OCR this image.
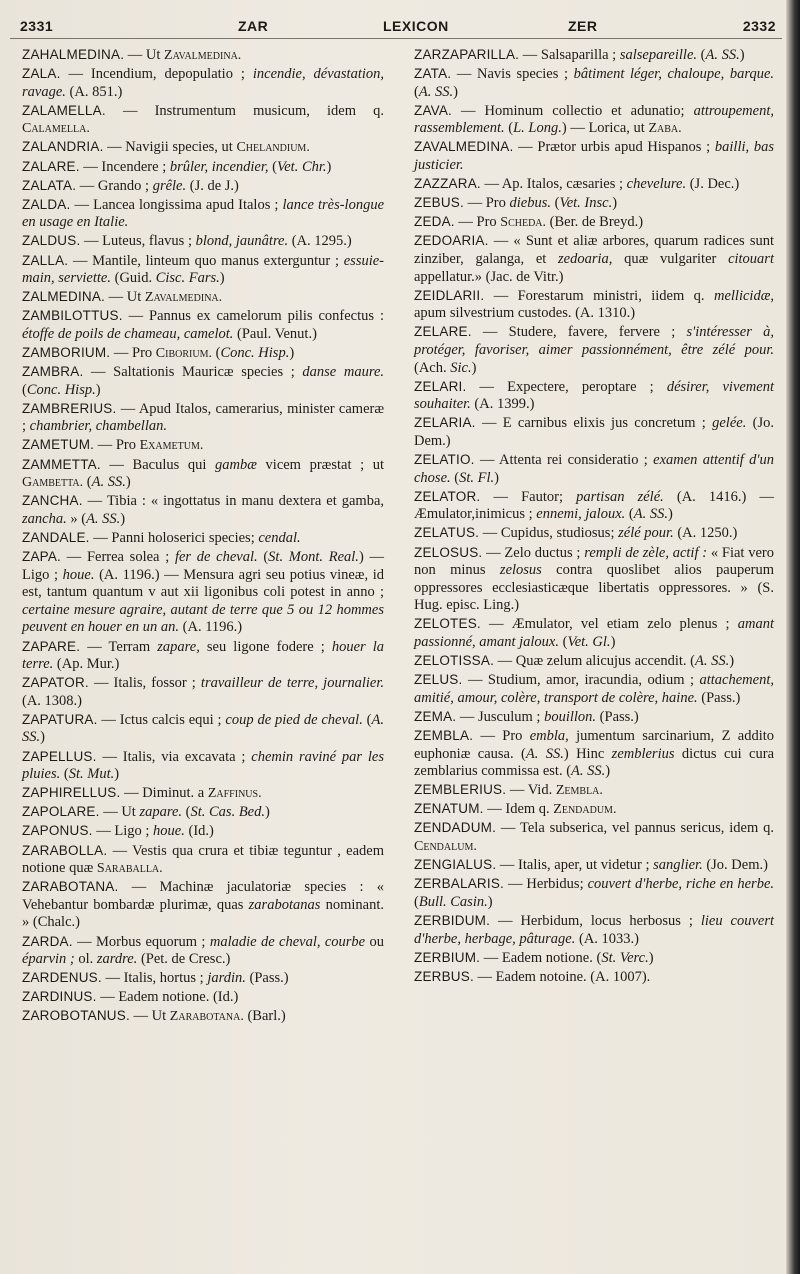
2331	ZAR	LEXICON	ZER	2332
ZAHALMEDINA. — Ut Zavalmedina.
ZALA. — Incendium, depopulatio ; incendie, dévastation, ravage. (A. 851.)
ZALAMELLA. — Instrumentum musicum, idem q. Calamella.
ZALANDRIA. — Navigii species, ut Chelandium.
ZALARE. — Incendere ; brûler, incendier, (Vet. Chr.)
ZALATA. — Grando ; grêle. (J. de J.)
ZALDA. — Lancea longissima apud Italos ; lance très-longue en usage en Italie.
ZALDUS. — Luteus, flavus ; blond, jaunâtre. (A. 1295.)
ZALLA. — Mantile, linteum quo manus exterguntur ; essuie-main, serviette. (Guid. Cisc. Fars.)
ZALMEDINA. — Ut Zavalmedina.
ZAMBILOTTUS. — Pannus ex camelorum pilis confectus : étoffe de poils de chameau, camelot. (Paul. Venut.)
ZAMBORIUM. — Pro Ciborium. (Conc. Hisp.)
ZAMBRA. — Saltationis Mauricæ species ; danse maure. (Conc. Hisp.)
ZAMBRERIUS. — Apud Italos, camerarius, minister cameræ ; chambrier, chambellan.
ZAMETUM. — Pro Exametum.
ZAMMETTA. — Baculus qui gambæ vicem præstat ; ut Gambetta. (A. SS.)
ZANCHA. — Tibia : « ingottatus in manu dextera et gamba, zancha. » (A. SS.)
ZANDALE. — Panni holoserici species; cendal.
ZAPA. — Ferrea solea ; fer de cheval. (St. Mont. Real.) — Ligo ; houe. (A. 1196.) — Mensura agri seu potius vineæ, id est, tantum quantum v aut xii ligonibus coli potest in anno ; certaine mesure agraire, autant de terre que 5 ou 12 hommes peuvent en houer en un an. (A. 1196.)
ZAPARE. — Terram zapare, seu ligone fodere ; houer la terre. (Ap. Mur.)
ZAPATOR. — Italis, fossor ; travailleur de terre, journalier. (A. 1308.)
ZAPATURA. — Ictus calcis equi ; coup de pied de cheval. (A. SS.)
ZAPELLUS. — Italis, via excavata ; chemin raviné par les pluies. (St. Mut.)
ZAPHIRELLUS. — Diminut. a Zaffinus.
ZAPOLARE. — Ut zapare. (St. Cas. Bed.)
ZAPONUS. — Ligo ; houe. (Id.)
ZARABOLLA. — Vestis qua crura et tibiæ teguntur , eadem notione quæ Saraballa.
ZARABOTANA. — Machinæ jaculatoriæ species : « Vehebantur bombardæ plurimæ, quas zarabotanas nominant. » (Chalc.)
ZARDA. — Morbus equorum ; maladie de cheval, courbe ou éparvin ; ol. zardre. (Pet. de Cresc.)
ZARDENUS. — Italis, hortus ; jardin. (Pass.)
ZARDINUS. — Eadem notione. (Id.)
ZAROBOTANUS. — Ut Zarabotana. (Barl.)
ZARZAPARILLA. — Salsaparilla ; salsepareille. (A. SS.)
ZATA. — Navis species ; bâtiment léger, chaloupe, barque. (A. SS.)
ZAVA. — Hominum collectio et adunatio; attroupement, rassemblement. (L. Long.) — Lorica, ut Zaba.
ZAVALMEDINA. — Prætor urbis apud Hispanos ; bailli, bas justicier.
ZAZZARA. — Ap. Italos, cæsaries ; chevelure. (J. Dec.)
ZEBUS. — Pro diebus. (Vet. Insc.)
ZEDA. — Pro Scheda. (Ber. de Breyd.)
ZEDOARIA. — « Sunt et aliæ arbores, quarum radices sunt zinziber, galanga, et zedoaria, quæ vulgariter citouart appellatur.» (Jac. de Vitr.)
ZEIDLARII. — Forestarum ministri, iidem q. mellicidæ, apum silvestrium custodes. (A. 1310.)
ZELARE. — Studere, favere, fervere ; s'intéresser à, protéger, favoriser, aimer passionnément, être zélé pour. (Ach. Sic.)
ZELARI. — Expectere, peroptare ; désirer, vivement souhaiter. (A. 1399.)
ZELARIA. — E carnibus elixis jus concretum ; gelée. (Jo. Dem.)
ZELATIO. — Attenta rei consideratio ; examen attentif d'un chose. (St. Fl.)
ZELATOR. — Fautor; partisan zélé. (A. 1416.) — Æmulator,inimicus ; ennemi, jaloux. (A. SS.)
ZELATUS. — Cupidus, studiosus; zélé pour. (A. 1250.)
ZELOSUS. — Zelo ductus ; rempli de zèle, actif : « Fiat vero non minus zelosus contra quoslibet alios pauperum oppressores ecclesiasticæque libertatis oppressores. » (S. Hug. episc. Ling.)
ZELOTES. — Æmulator, vel etiam zelo plenus ; amant passionné, amant jaloux. (Vet. Gl.)
ZELOTISSA. — Quæ zelum alicujus accendit. (A. SS.)
ZELUS. — Studium, amor, iracundia, odium ; attachement, amitié, amour, colère, transport de colère, haine. (Pass.)
ZEMA. — Jusculum ; bouillon. (Pass.)
ZEMBLA. — Pro embla, jumentum sarcinarium, Z addito euphoniæ causa. (A. SS.) Hinc zemblerius dictus cui cura zemblarius commissa est. (A. SS.)
ZEMBLERIUS. — Vid. Zembla.
ZENATUM. — Idem q. Zendadum.
ZENDADUM. — Tela subserica, vel pannus sericus, idem q. Cendalum.
ZENGIALUS. — Italis, aper, ut videtur ; sanglier. (Jo. Dem.)
ZERBALARIS. — Herbidus; couvert d'herbe, riche en herbe. (Bull. Casin.)
ZERBIDUM. — Herbidum, locus herbosus ; lieu couvert d'herbe, herbage, pâturage. (A. 1033.)
ZERBIUM. — Eadem notione. (St. Verc.)
ZERBUS. — Eadem notoine. (A. 1007).
